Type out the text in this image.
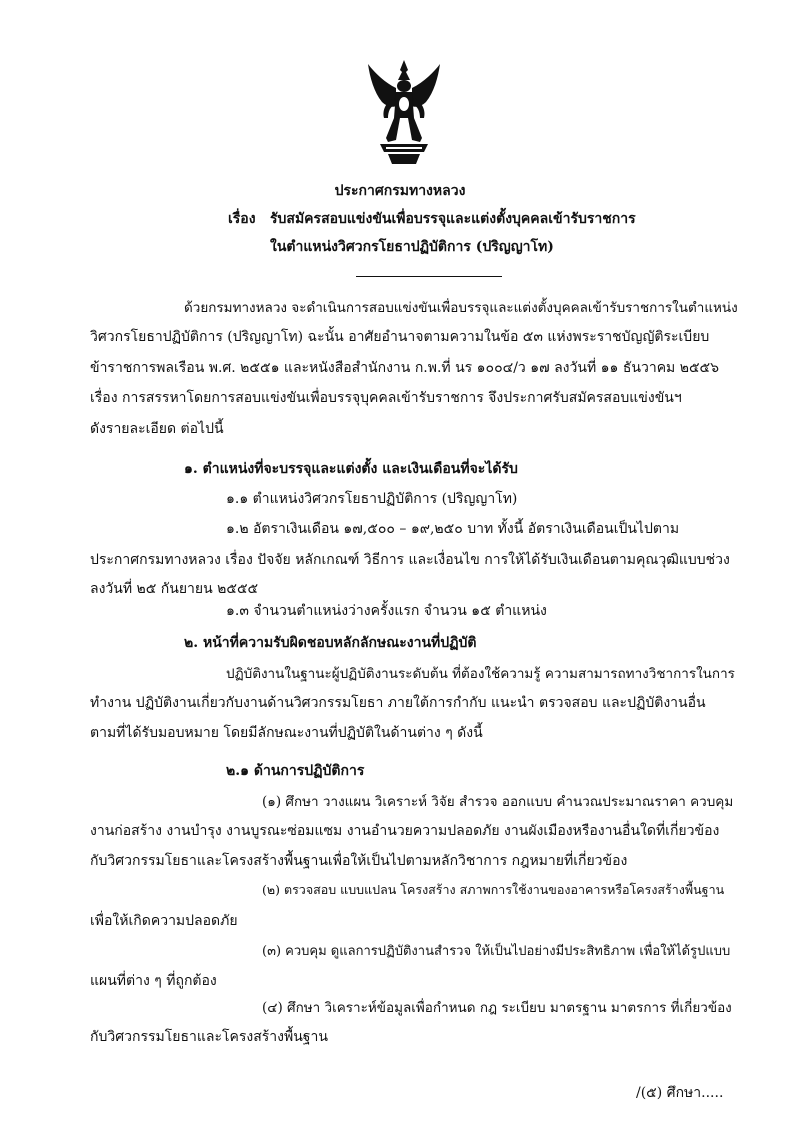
ประกาศกรมทางหลวง
เรื่อง รับสมัครสอบแข่งขันเพื่อบรรจุและแต่งตั้งบุคคลเข้ารับราชการ
ในตำแหน่งวิศวกรโยธาปฏิบัติการ (ปริญญาโท)
ด้วยกรมทางหลวง จะดำเนินการสอบแข่งขันเพื่อบรรจุและแต่งตั้งบุคคลเข้ารับราชการในตำแหน่ง
วิศวกรโยธาปฏิบัติการ (ปริญญาโท) ฉะนั้น อาศัยอำนาจตามความในข้อ ๕๓ แห่งพระราชบัญญัติระเบียบ
ข้าราชการพลเรือน พ.ศ. ๒๕๕๑ และหนังสือสำนักงาน ก.พ.ที่ นร ๑๐๐๔/ว ๑๗ ลงวันที่ ๑๑ ธันวาคม ๒๕๕๖
เรื่อง การสรรหาโดยการสอบแข่งขันเพื่อบรรจุบุคคลเข้ารับราชการ จึงประกาศรับสมัครสอบแข่งขันฯ
ดังรายละเอียด ต่อไปนี้
๑. ตำแหน่งที่จะบรรจุและแต่งตั้ง และเงินเดือนที่จะได้รับ
๑.๑ ตำแหน่งวิศวกรโยธาปฏิบัติการ (ปริญญาโท)
๑.๒ อัตราเงินเดือน ๑๗,๕๐๐ – ๑๙,๒๕๐ บาท ทั้งนี้ อัตราเงินเดือนเป็นไปตาม
ประกาศกรมทางหลวง เรื่อง ปัจจัย หลักเกณฑ์ วิธีการ และเงื่อนไข การให้ได้รับเงินเดือนตามคุณวุฒิแบบช่วง
ลงวันที่ ๒๕ กันยายน ๒๕๕๕
๑.๓ จำนวนตำแหน่งว่างครั้งแรก จำนวน ๑๕ ตำแหน่ง
๒. หน้าที่ความรับผิดชอบหลักลักษณะงานที่ปฏิบัติ
ปฏิบัติงานในฐานะผู้ปฏิบัติงานระดับต้น ที่ต้องใช้ความรู้ ความสามารถทางวิชาการในการ
ทำงาน ปฏิบัติงานเกี่ยวกับงานด้านวิศวกรรมโยธา ภายใต้การกำกับ แนะนำ ตรวจสอบ และปฏิบัติงานอื่น
ตามที่ได้รับมอบหมาย โดยมีลักษณะงานที่ปฏิบัติในด้านต่าง ๆ ดังนี้
๒.๑ ด้านการปฏิบัติการ
(๑) ศึกษา วางแผน วิเคราะห์ วิจัย สำรวจ ออกแบบ คำนวณประมาณราคา ควบคุม
งานก่อสร้าง งานบำรุง งานบูรณะซ่อมแซม งานอำนวยความปลอดภัย งานผังเมืองหรืองานอื่นใดที่เกี่ยวข้อง
กับวิศวกรรมโยธาและโครงสร้างพื้นฐานเพื่อให้เป็นไปตามหลักวิชาการ กฎหมายที่เกี่ยวข้อง
(๒) ตรวจสอบ แบบแปลน โครงสร้าง สภาพการใช้งานของอาคารหรือโครงสร้างพื้นฐาน
เพื่อให้เกิดความปลอดภัย
(๓) ควบคุม ดูแลการปฏิบัติงานสำรวจ ให้เป็นไปอย่างมีประสิทธิภาพ เพื่อให้ได้รูปแบบ
แผนที่ต่าง ๆ ที่ถูกต้อง
(๔) ศึกษา วิเคราะห์ข้อมูลเพื่อกำหนด กฎ ระเบียบ มาตรฐาน มาตรการ ที่เกี่ยวข้อง
กับวิศวกรรมโยธาและโครงสร้างพื้นฐาน
/(๕) ศึกษา.....
